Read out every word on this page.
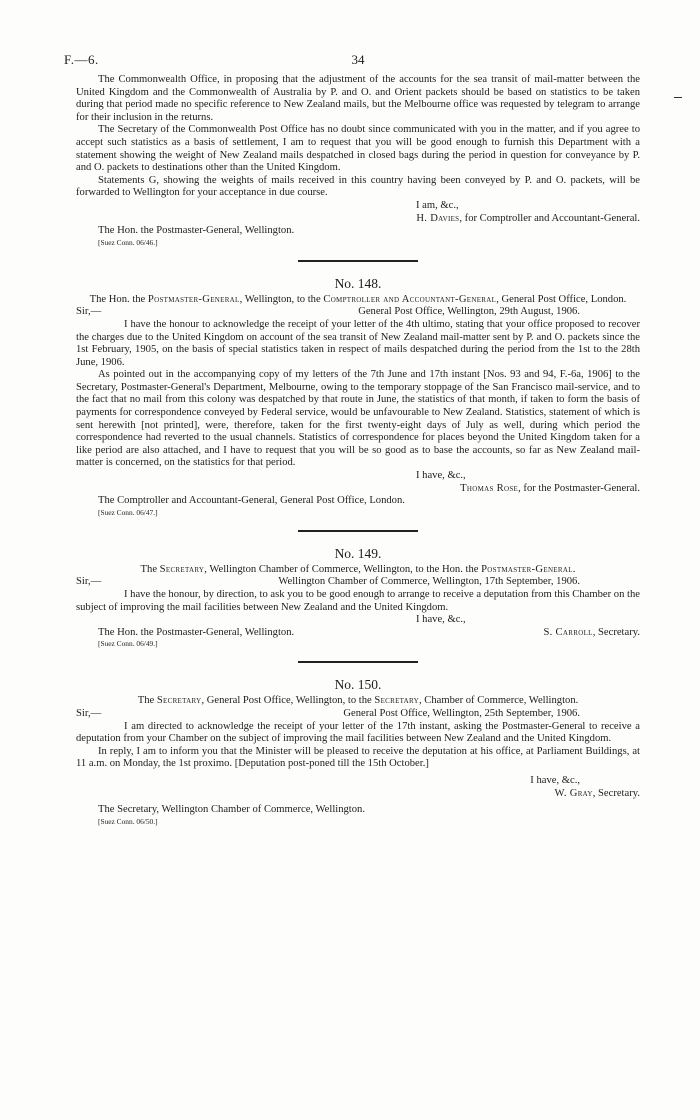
F.—6.	34

The Commonwealth Office, in proposing that the adjustment of the accounts for the sea transit of mail-matter between the United Kingdom and the Commonwealth of Australia by P. and O. and Orient packets should be based on statistics to be taken during that period made no specific reference to New Zealand mails, but the Melbourne office was requested by telegram to arrange for their inclusion in the returns.

The Secretary of the Commonwealth Post Office has no doubt since communicated with you in the matter, and if you agree to accept such statistics as a basis of settlement, I am to request that you will be good enough to furnish this Department with a statement showing the weight of New Zealand mails despatched in closed bags during the period in question for conveyance by P. and O. packets to destinations other than the United Kingdom.

Statements G, showing the weights of mails received in this country having been conveyed by P. and O. packets, will be forwarded to Wellington for your acceptance in due course.

I am, &c.,

H. Davies, for Comptroller and Accountant-General.

The Hon. the Postmaster-General, Wellington.

[Suez Conn. 06/46.]

No. 148.

The Hon. the Postmaster-General, Wellington, to the Comptroller and Accountant-General, General Post Office, London.

Sir,—	General Post Office, Wellington, 29th August, 1906.

I have the honour to acknowledge the receipt of your letter of the 4th ultimo, stating that your office proposed to recover the charges due to the United Kingdom on account of the sea transit of New Zealand mail-matter sent by P. and O. packets since the 1st February, 1905, on the basis of special statistics taken in respect of mails despatched during the period from the 1st to the 28th June, 1906.

As pointed out in the accompanying copy of my letters of the 7th June and 17th instant [Nos. 93 and 94, F.-6a, 1906] to the Secretary, Postmaster-General's Department, Melbourne, owing to the temporary stoppage of the San Francisco mail-service, and to the fact that no mail from this colony was despatched by that route in June, the statistics of that month, if taken to form the basis of payments for correspondence conveyed by Federal service, would be unfavourable to New Zealand. Statistics, statement of which is sent herewith [not printed], were, therefore, taken for the first twenty-eight days of July as well, during which period the correspondence had reverted to the usual channels. Statistics of correspondence for places beyond the United Kingdom taken for a like period are also attached, and I have to request that you will be so good as to base the accounts, so far as New Zealand mail-matter is concerned, on the statistics for that period.

I have, &c.,

Thomas Rose, for the Postmaster-General.

The Comptroller and Accountant-General, General Post Office, London.

[Suez Conn. 06/47.]

No. 149.

The Secretary, Wellington Chamber of Commerce, Wellington, to the Hon. the Postmaster-General.

Sir,—	Wellington Chamber of Commerce, Wellington, 17th September, 1906.

I have the honour, by direction, to ask you to be good enough to arrange to receive a deputation from this Chamber on the subject of improving the mail facilities between New Zealand and the United Kingdom.

I have, &c.,

The Hon. the Postmaster-General, Wellington.	S. Carroll, Secretary.

[Suez Conn. 06/49.]

No. 150.

The Secretary, General Post Office, Wellington, to the Secretary, Chamber of Commerce, Wellington.

Sir,—	General Post Office, Wellington, 25th September, 1906.

I am directed to acknowledge the receipt of your letter of the 17th instant, asking the Postmaster-General to receive a deputation from your Chamber on the subject of improving the mail facilities between New Zealand and the United Kingdom.

In reply, I am to inform you that the Minister will be pleased to receive the deputation at his office, at Parliament Buildings, at 11 a.m. on Monday, the 1st proximo. [Deputation post-poned till the 15th October.]

I have, &c.,

W. Gray, Secretary.

The Secretary, Wellington Chamber of Commerce, Wellington.

[Suez Conn. 06/50.]
